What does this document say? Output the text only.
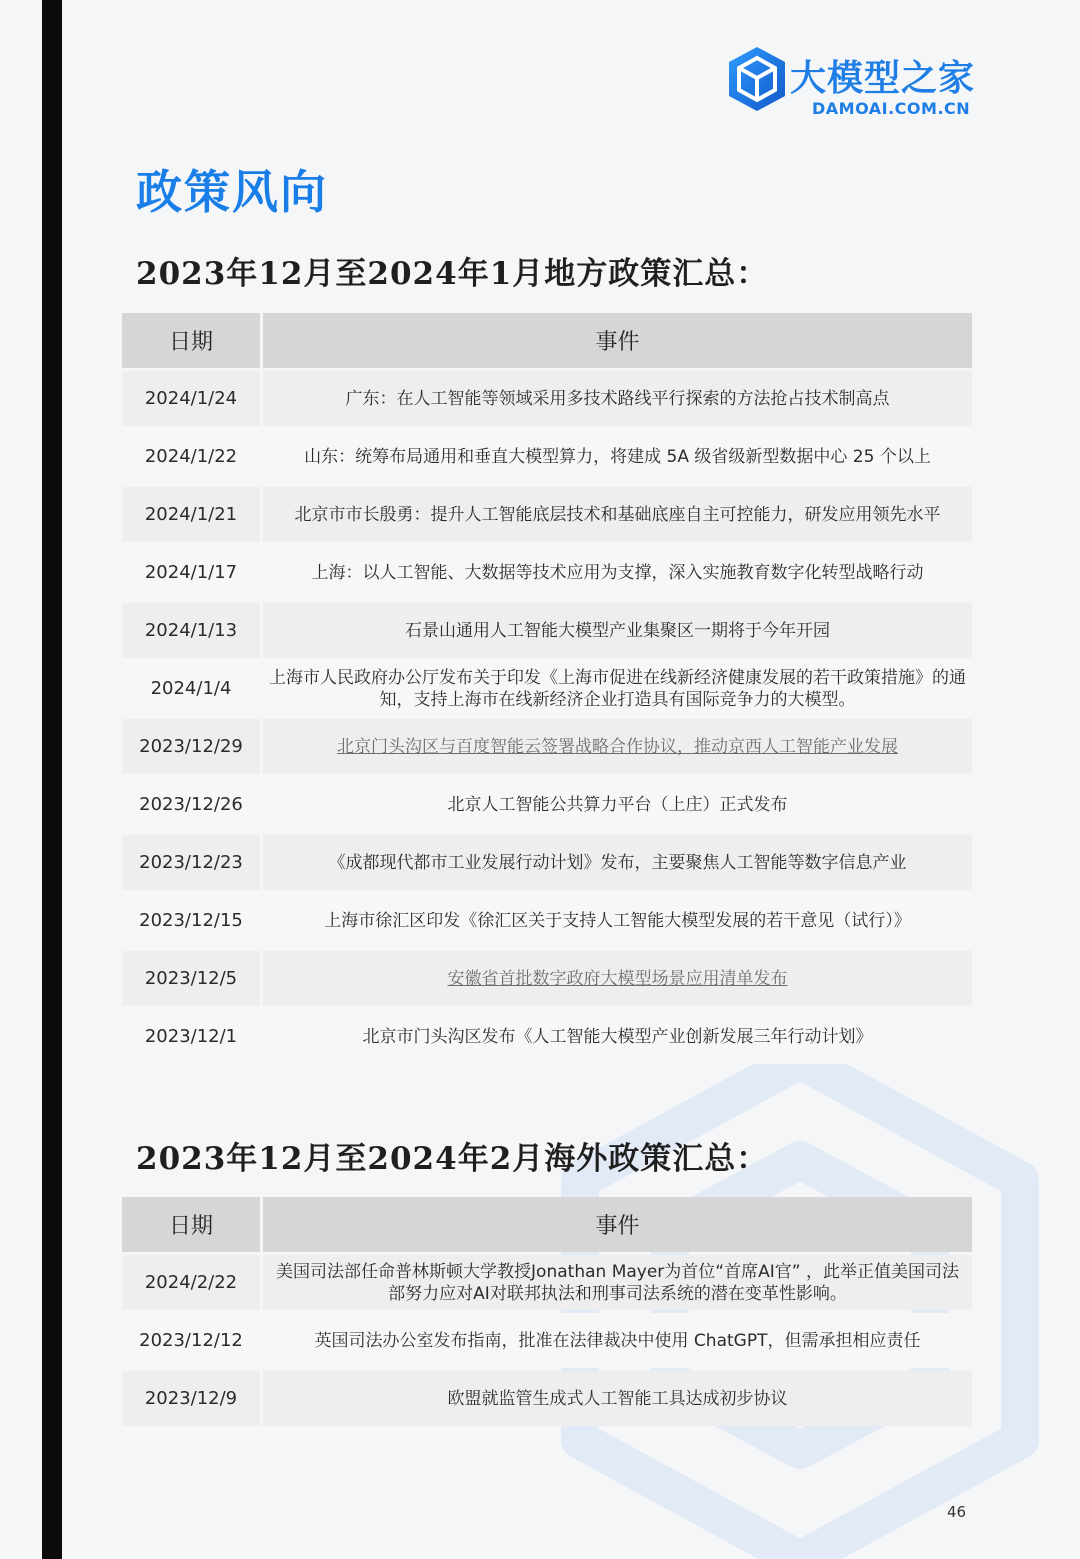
大模型之家
DAMOAI.COM.CN
政策风向
2023年12月至2024年1月地方政策汇总：
日期	事件
2024/1/24	广东：在人工智能等领域采用多技术路线平行探索的方法抢占技术制高点
2024/1/22	山东：统筹布局通用和垂直大模型算力，将建成 5A 级省级新型数据中心 25 个以上
2024/1/21	北京市市长殷勇：提升人工智能底层技术和基础底座自主可控能力，研发应用领先水平
2024/1/17	上海：以人工智能、大数据等技术应用为支撑，深入实施教育数字化转型战略行动
2024/1/13	石景山通用人工智能大模型产业集聚区一期将于今年开园
2024/1/4	上海市人民政府办公厅发布关于印发《上海市促进在线新经济健康发展的若干政策措施》的通知，支持上海市在线新经济企业打造具有国际竞争力的大模型。
2023/12/29	北京门头沟区与百度智能云签署战略合作协议，推动京西人工智能产业发展
2023/12/26	北京人工智能公共算力平台（上庄）正式发布
2023/12/23	《成都现代都市工业发展行动计划》发布，主要聚焦人工智能等数字信息产业
2023/12/15	上海市徐汇区印发《徐汇区关于支持人工智能大模型发展的若干意见（试行）》
2023/12/5	安徽省首批数字政府大模型场景应用清单发布
2023/12/1	北京市门头沟区发布《人工智能大模型产业创新发展三年行动计划》
2023年12月至2024年2月海外政策汇总：
日期	事件
2024/2/22	美国司法部任命普林斯顿大学教授Jonathan Mayer为首位“首席AI官” ，此举正值美国司法部努力应对AI对联邦执法和刑事司法系统的潜在变革性影响。
2023/12/12	英国司法办公室发布指南，批准在法律裁决中使用 ChatGPT，但需承担相应责任
2023/12/9	欧盟就监管生成式人工智能工具达成初步协议
46
